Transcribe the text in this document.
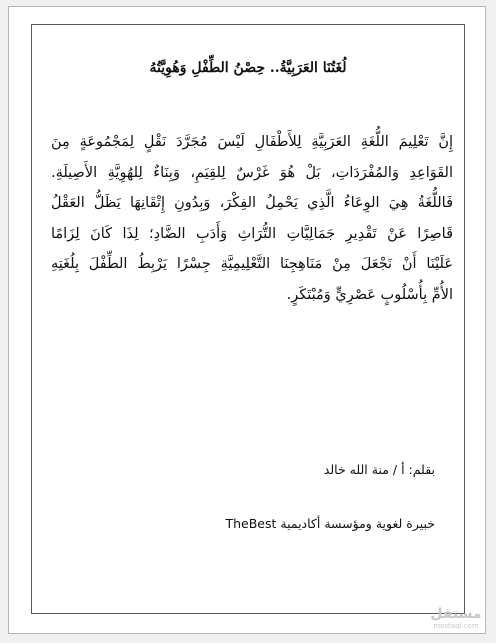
لُغَتُنَا العَرَبِيَّةُ.. حِصْنُ الطِّفْلِ وَهُوِيَّتُهُ
إِنَّ تَعْلِيمَ اللُّغَةِ العَرَبِيَّةِ لِلأَطْفَالِ لَيْسَ مُجَرَّدَ نَقْلٍ لِمَجْمُوعَةٍ مِنَ
القَوَاعِدِ وَالمُفْرَدَاتِ، بَلْ هُوَ غَرْسٌ لِلقِيَمِ، وَبِنَاءٌ لِلهُوِيَّةِ الأَصِيلَةِ.
فَاللُّغَةُ هِيَ الوِعَاءُ الَّذِي يَحْمِلُ الفِكْرَ، وَبِدُونِ إِتْقَانِهَا يَظَلُّ العَقْلُ
قَاصِرًا عَنْ تَقْدِيرِ جَمَالِيَّاتِ التُّرَاثِ وَأَدَبِ الضَّادِ؛ لِذَا كَانَ لِزَامًا
عَلَيْنَا أَنْ نَجْعَلَ مِنْ مَنَاهِجِنَا التَّعْلِيمِيَّةِ جِسْرًا يَرْبِطُ الطِّفْلَ بِلُغَتِهِ
الأُمِّ بِأُسْلُوبٍ عَصْرِيٍّ وَمُبْتَكَرٍ.
بقلم: أ / منة الله خالد
خبيرة لغوية ومؤسسة أكاديمية TheBest
مستقل
mostaql.com
